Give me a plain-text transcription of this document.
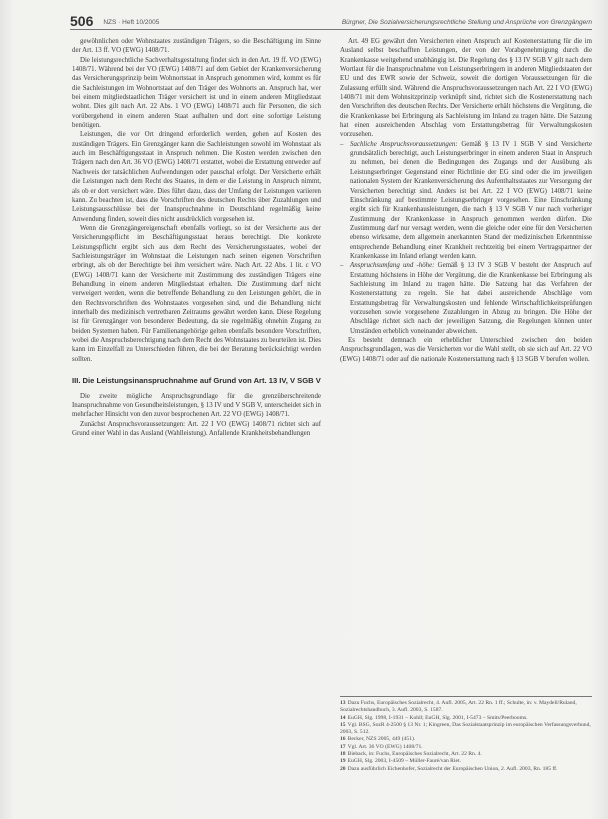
506 NZS · Heft 10/2005	Bürgner, Die Sozialversicherungsrechtliche Stellung und Ansprüche von Grenzgängern

gewöhnlichen oder Wohnstaates zuständigen Trägers, so die Beschäftigung im Sinne der Art. 13 ff. VO (EWG) 1408/71.

Die leistungsrechtliche Sachverhaltsgestaltung findet sich in den Art. 19 ff. VO (EWG) 1408/71. Während bei der VO (EWG) 1408/71 auf dem Gebiet der Krankenversicherung das Versicherungsprinzip beim Wohnortstaat in Anspruch genommen wird, kommt es für die Sachleistungen im Wohnortstaat auf den Träger des Wohnorts an. Anspruch hat, wer bei einem mitgliedstaatlichen Träger versichert ist und in einem anderen Mitgliedstaat wohnt. Dies gilt nach Art. 22 Abs. 1 VO (EWG) 1408/71 auch für Personen, die sich vorübergehend in einem anderen Staat aufhalten und dort eine sofortige Leistung benötigen.

Leistungen, die vor Ort dringend erforderlich werden, gehen auf Kosten des zuständigen Trägers. Ein Grenzgänger kann die Sachleistungen sowohl im Wohnstaat als auch im Beschäftigungsstaat in Anspruch nehmen. Die Kosten werden zwischen den Trägern nach den Art. 36 VO (EWG) 1408/71 erstattet, wobei die Erstattung entweder auf Nachweis der tatsächlichen Aufwendungen oder pauschal erfolgt. Der Versicherte erhält die Leistungen nach dem Recht des Staates, in dem er die Leistung in Anspruch nimmt, als ob er dort versichert wäre. Dies führt dazu, dass der Umfang der Leistungen variieren kann. Zu beachten ist, dass die Vorschriften des deutschen Rechts über Zuzahlungen und Leistungsausschlüsse bei der Inanspruchnahme in Deutschland regelmäßig keine Anwendung finden, soweit dies nicht ausdrücklich vorgesehen ist.

Wenn die Grenzgängereigenschaft ebenfalls vorliegt, so ist der Versicherte aus der Versicherungspflicht im Beschäftigungsstaat heraus berechtigt. Die konkrete Leistungspflicht ergibt sich aus dem Recht des Versicherungsstaates, wobei der Sachleistungsträger im Wohnstaat die Leistungen nach seinen eigenen Vorschriften erbringt, als ob der Berechtigte bei ihm versichert wäre. Nach Art. 22 Abs. 1 lit. c VO (EWG) 1408/71 kann der Versicherte mit Zustimmung des zuständigen Trägers eine Behandlung in einem anderen Mitgliedstaat erhalten. Die Zustimmung darf nicht verweigert werden, wenn die betreffende Behandlung zu den Leistungen gehört, die in den Rechtsvorschriften des Wohnstaates vorgesehen sind, und die Behandlung nicht innerhalb des medizinisch vertretbaren Zeitraums gewährt werden kann. Diese Regelung ist für Grenzgänger von besonderer Bedeutung, da sie regelmäßig ohnehin Zugang zu beiden Systemen haben. Für Familienangehörige gelten ebenfalls besondere Vorschriften, wobei die Anspruchsberechtigung nach dem Recht des Wohnstaates zu beurteilen ist. Dies kann im Einzelfall zu Unterschieden führen, die bei der Beratung berücksichtigt werden sollten.

III. Die Leistungsinanspruchnahme auf Grund von Art. 13 IV, V SGB V

Die zweite mögliche Anspruchsgrundlage für die grenzüberschreitende Inanspruchnahme von Gesundheitsleistungen, § 13 IV und V SGB V, unterscheidet sich in mehrfacher Hinsicht von den zuvor besprochenen Art. 22 VO (EWG) 1408/71.

Zunächst Anspruchsvoraussetzungen: Art. 22 I VO (EWG) 1408/71 richtet sich auf Grund einer Wahl in das Ausland (Wahlleistung). Anfallende Krankheitsbehandlungen

Art. 49 EG gewährt den Versicherten einen Anspruch auf Kostenerstattung für die im Ausland selbst beschafften Leistungen, der von der Vorabgenehmigung durch die Krankenkasse weitgehend unabhängig ist. Die Regelung des § 13 IV SGB V gilt nach dem Wortlaut für die Inanspruchnahme von Leistungserbringern in anderen Mitgliedstaaten der EU und des EWR sowie der Schweiz, soweit die dortigen Voraussetzungen für die Zulassung erfüllt sind. Während die Anspruchsvoraussetzungen nach Art. 22 I VO (EWG) 1408/71 mit dem Wohnsitzprinzip verknüpft sind, richtet sich die Kostenerstattung nach den Vorschriften des deutschen Rechts. Der Versicherte erhält höchstens die Vergütung, die die Krankenkasse bei Erbringung als Sachleistung im Inland zu tragen hätte. Die Satzung hat einen ausreichenden Abschlag vom Erstattungsbetrag für Verwaltungskosten vorzusehen.

– Sachliche Anspruchsvoraussetzungen: Gemäß § 13 IV 1 SGB V sind Versicherte grundsätzlich berechtigt, auch Leistungserbringer in einem anderen Staat in Anspruch zu nehmen, bei denen die Bedingungen des Zugangs und der Ausübung als Leistungserbringer Gegenstand einer Richtlinie der EG sind oder die im jeweiligen nationalen System der Krankenversicherung des Aufenthaltsstaates zur Versorgung der Versicherten berechtigt sind. Anders ist bei Art. 22 I VO (EWG) 1408/71 keine Einschränkung auf bestimmte Leistungserbringer vorgesehen. Eine Einschränkung ergibt sich für Krankenhausleistungen, die nach § 13 V SGB V nur nach vorheriger Zustimmung der Krankenkasse in Anspruch genommen werden dürfen. Die Zustimmung darf nur versagt werden, wenn die gleiche oder eine für den Versicherten ebenso wirksame, dem allgemein anerkannten Stand der medizinischen Erkenntnisse entsprechende Behandlung einer Krankheit rechtzeitig bei einem Vertragspartner der Krankenkasse im Inland erlangt werden kann.

– Anspruchsumfang und -höhe: Gemäß § 13 IV 3 SGB V besteht der Anspruch auf Erstattung höchstens in Höhe der Vergütung, die die Krankenkasse bei Erbringung als Sachleistung im Inland zu tragen hätte. Die Satzung hat das Verfahren der Kostenerstattung zu regeln. Sie hat dabei ausreichende Abschläge vom Erstattungsbetrag für Verwaltungskosten und fehlende Wirtschaftlichkeitsprüfungen vorzusehen sowie vorgesehene Zuzahlungen in Abzug zu bringen. Die Höhe der Abschläge richtet sich nach der jeweiligen Satzung, die Regelungen können unter Umständen erheblich voneinander abweichen.

Es besteht demnach ein erheblicher Unterschied zwischen den beiden Anspruchsgrundlagen, was die Versicherten vor die Wahl stellt, ob sie sich auf Art. 22 VO (EWG) 1408/71 oder auf die nationale Kostenerstattung nach § 13 SGB V berufen wollen.

13 Dazu Fuchs, Europäisches Sozialrecht, 4. Aufl. 2005, Art. 22 Rn. 1 ff.; Schulte, in: v. Maydell/Ruland, Sozialrechtshandbuch, 3. Aufl. 2003, S. 1587.

14 EuGH, Slg. 1998, I-1931 – Kohll; EuGH, Slg. 2001, I-5473 – Smits/Peerbooms.

15 Vgl. BSG, SozR 4-2500 § 13 Nr. 1; Kingreen, Das Sozialstaatsprinzip im europäischen Verfassungsverbund, 2003, S. 512.

16 Becker, NZS 2005, 449 (451).

17 Vgl. Art. 36 VO (EWG) 1408/71.

18 Bieback, in: Fuchs, Europäisches Sozialrecht, Art. 22 Rn. 4.

19 EuGH, Slg. 2003, I-4509 – Müller-Fauré/van Riet.

20 Dazu ausführlich Eichenhofer, Sozialrecht der Europäischen Union, 2. Aufl. 2003, Rn. 185 ff.
